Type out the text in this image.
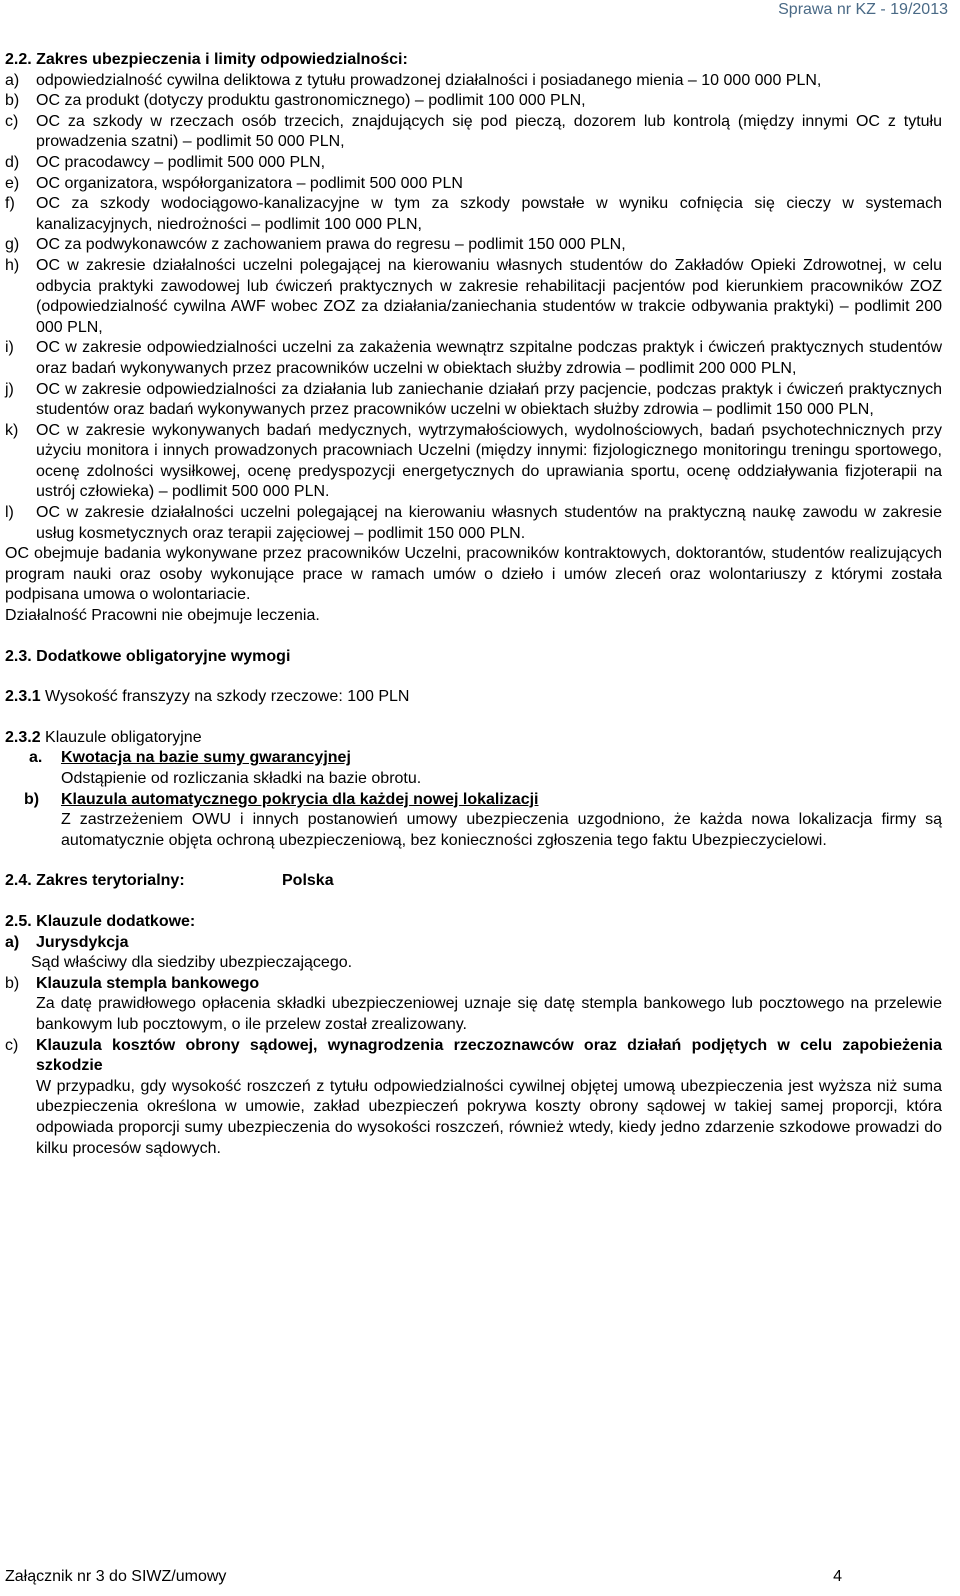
Sprawa nr KZ - 19/2013
2.2. Zakres ubezpieczenia i limity odpowiedzialności:
a)	odpowiedzialność cywilna deliktowa z tytułu prowadzonej działalności i posiadanego mienia – 10 000 000 PLN,
b)	OC za produkt (dotyczy produktu gastronomicznego) – podlimit 100 000 PLN,
c)	OC za szkody w rzeczach osób trzecich, znajdujących się pod pieczą, dozorem lub kontrolą (między innymi OC z tytułu prowadzenia szatni) – podlimit 50 000 PLN,
d)	OC pracodawcy – podlimit 500 000 PLN,
e)	OC organizatora, współorganizatora – podlimit 500 000 PLN
f)	OC za szkody wodociągowo-kanalizacyjne w tym za szkody powstałe w wyniku cofnięcia się cieczy w systemach kanalizacyjnych, niedrożności – podlimit 100 000 PLN,
g)	OC za podwykonawców z zachowaniem prawa do regresu – podlimit 150 000 PLN,
h)	OC w zakresie działalności uczelni polegającej na kierowaniu własnych studentów do Zakładów Opieki Zdrowotnej, w celu odbycia praktyki zawodowej lub ćwiczeń praktycznych w zakresie rehabilitacji pacjentów pod kierunkiem pracowników ZOZ (odpowiedzialność cywilna AWF wobec ZOZ za działania/zaniechania studentów w trakcie odbywania praktyki) – podlimit 200 000 PLN,
i)	OC w zakresie odpowiedzialności uczelni za zakażenia wewnątrz szpitalne podczas praktyk i ćwiczeń praktycznych studentów oraz badań wykonywanych przez pracowników uczelni w obiektach służby zdrowia – podlimit 200 000 PLN,
j)	OC w zakresie odpowiedzialności za działania lub zaniechanie działań przy pacjencie, podczas praktyk i ćwiczeń praktycznych studentów oraz badań wykonywanych przez pracowników uczelni w obiektach służby zdrowia – podlimit 150 000 PLN,
k)	OC w zakresie wykonywanych badań medycznych, wytrzymałościowych, wydolnościowych, badań psychotechnicznych przy użyciu monitora i innych prowadzonych pracowniach Uczelni (między innymi: fizjologicznego monitoringu treningu sportowego, ocenę zdolności wysiłkowej, ocenę predyspozycji energetycznych do uprawiania sportu, ocenę oddziaływania fizjoterapii na ustrój człowieka) – podlimit 500 000 PLN.
l)	OC w zakresie działalności uczelni polegającej na kierowaniu własnych studentów na praktyczną naukę zawodu w zakresie usług kosmetycznych oraz terapii zajęciowej – podlimit 150 000 PLN.

OC obejmuje badania wykonywane przez pracowników Uczelni, pracowników kontraktowych, doktorantów, studentów realizujących program nauki oraz osoby wykonujące prace w ramach umów o dzieło i umów zleceń oraz wolontariuszy z którymi została podpisana umowa o wolontariacie.

Działalność Pracowni nie obejmuje leczenia.

2.3. Dodatkowe obligatoryjne wymogi
2.3.1 Wysokość franszyzy na szkody rzeczowe: 100 PLN
2.3.2 Klauzule obligatoryjne
a.	Kwotacja na bazie sumy gwarancyjnej

Odstąpienie od rozliczania składki na bazie obrotu.

b)	Klauzula automatycznego pokrycia dla każdej nowej lokalizacji

Z zastrzeżeniem OWU i innych postanowień umowy ubezpieczenia uzgodniono, że każda nowa lokalizacja firmy są automatycznie objęta ochroną ubezpieczeniową, bez konieczności zgłoszenia tego faktu Ubezpieczycielowi.

2.4. Zakres terytorialny:	Polska
2.5. Klauzule dodatkowe:
a)	Jurysdykcja

Sąd właściwy dla siedziby ubezpieczającego.

b)	Klauzula stempla bankowego

Za datę prawidłowego opłacenia składki ubezpieczeniowej uznaje się datę stempla bankowego lub pocztowego na przelewie bankowym lub pocztowym, o ile przelew został zrealizowany.

c)	Klauzula kosztów obrony sądowej, wynagrodzenia rzeczoznawców oraz działań podjętych w celu zapobieżenia szkodzie

W przypadku, gdy wysokość roszczeń z tytułu odpowiedzialności cywilnej objętej umową ubezpieczenia jest wyższa niż suma ubezpieczenia określona w umowie, zakład ubezpieczeń pokrywa koszty obrony sądowej w takiej samej proporcji, która odpowiada proporcji sumy ubezpieczenia do wysokości roszczeń, również wtedy, kiedy jedno zdarzenie szkodowe prowadzi do kilku procesów sądowych.

Załącznik nr 3 do SIWZ/umowy	4
